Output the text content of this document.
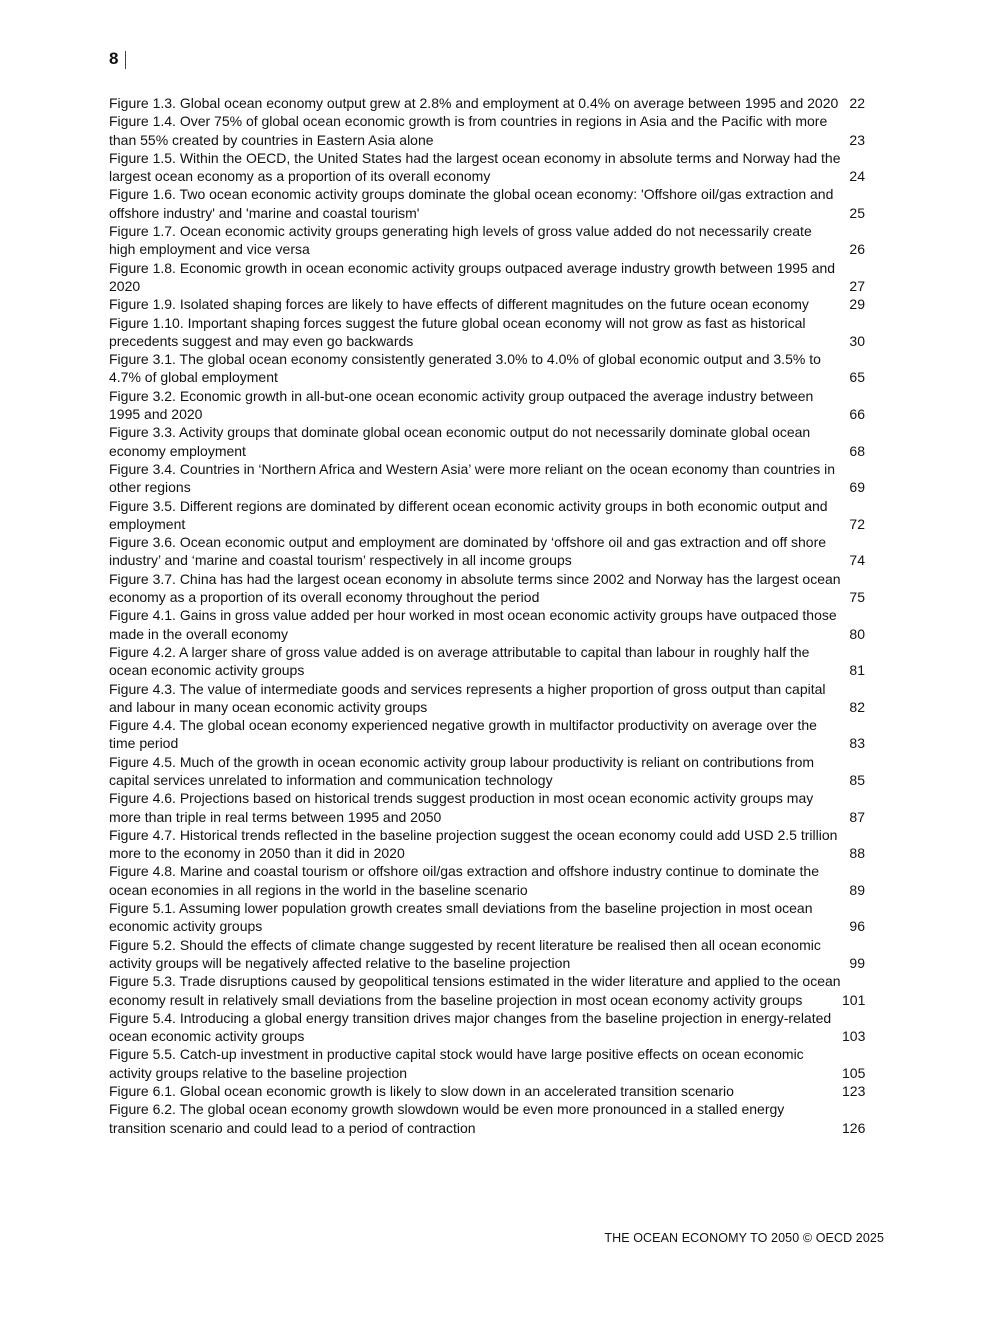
8
Figure 1.3. Global ocean economy output grew at 2.8% and employment at 0.4% on average between 1995 and 2020 22
Figure 1.4. Over 75% of global ocean economic growth is from countries in regions in Asia and the Pacific with more than 55% created by countries in Eastern Asia alone	23
Figure 1.5. Within the OECD, the United States had the largest ocean economy in absolute terms and Norway had the largest ocean economy as a proportion of its overall economy	24
Figure 1.6. Two ocean economic activity groups dominate the global ocean economy: 'Offshore oil/gas extraction and offshore industry' and 'marine and coastal tourism'	25
Figure 1.7. Ocean economic activity groups generating high levels of gross value added do not necessarily create high employment and vice versa	26
Figure 1.8. Economic growth in ocean economic activity groups outpaced average industry growth between 1995 and 2020	27
Figure 1.9. Isolated shaping forces are likely to have effects of different magnitudes on the future ocean economy	29
Figure 1.10. Important shaping forces suggest the future global ocean economy will not grow as fast as historical precedents suggest and may even go backwards	30
Figure 3.1. The global ocean economy consistently generated 3.0% to 4.0% of global economic output and 3.5% to 4.7% of global employment	65
Figure 3.2. Economic growth in all-but-one ocean economic activity group outpaced the average industry between 1995 and 2020	66
Figure 3.3. Activity groups that dominate global ocean economic output do not necessarily dominate global ocean economy employment	68
Figure 3.4. Countries in ‘Northern Africa and Western Asia’ were more reliant on the ocean economy than countries in other regions	69
Figure 3.5. Different regions are dominated by different ocean economic activity groups in both economic output and employment	72
Figure 3.6. Ocean economic output and employment are dominated by ‘offshore oil and gas extraction and off shore industry’ and ‘marine and coastal tourism’ respectively in all income groups	74
Figure 3.7. China has had the largest ocean economy in absolute terms since 2002 and Norway has the largest ocean economy as a proportion of its overall economy throughout the period	75
Figure 4.1. Gains in gross value added per hour worked in most ocean economic activity groups have outpaced those made in the overall economy	80
Figure 4.2. A larger share of gross value added is on average attributable to capital than labour in roughly half the ocean economic activity groups	81
Figure 4.3. The value of intermediate goods and services represents a higher proportion of gross output than capital and labour in many ocean economic activity groups	82
Figure 4.4. The global ocean economy experienced negative growth in multifactor productivity on average over the time period	83
Figure 4.5. Much of the growth in ocean economic activity group labour productivity is reliant on contributions from capital services unrelated to information and communication technology	85
Figure 4.6. Projections based on historical trends suggest production in most ocean economic activity groups may more than triple in real terms between 1995 and 2050	87
Figure 4.7. Historical trends reflected in the baseline projection suggest the ocean economy could add USD 2.5 trillion more to the economy in 2050 than it did in 2020	88
Figure 4.8. Marine and coastal tourism or offshore oil/gas extraction and offshore industry continue to dominate the ocean economies in all regions in the world in the baseline scenario	89
Figure 5.1. Assuming lower population growth creates small deviations from the baseline projection in most ocean economic activity groups	96
Figure 5.2. Should the effects of climate change suggested by recent literature be realised then all ocean economic activity groups will be negatively affected relative to the baseline projection	99
Figure 5.3. Trade disruptions caused by geopolitical tensions estimated in the wider literature and applied to the ocean economy result in relatively small deviations from the baseline projection in most ocean economy activity groups	101
Figure 5.4. Introducing a global energy transition drives major changes from the baseline projection in energy-related ocean economic activity groups	103
Figure 5.5. Catch-up investment in productive capital stock would have large positive effects on ocean economic activity groups relative to the baseline projection	105
Figure 6.1. Global ocean economic growth is likely to slow down in an accelerated transition scenario	123
Figure 6.2. The global ocean economy growth slowdown would be even more pronounced in a stalled energy transition scenario and could lead to a period of contraction	126
THE OCEAN ECONOMY TO 2050 © OECD 2025
